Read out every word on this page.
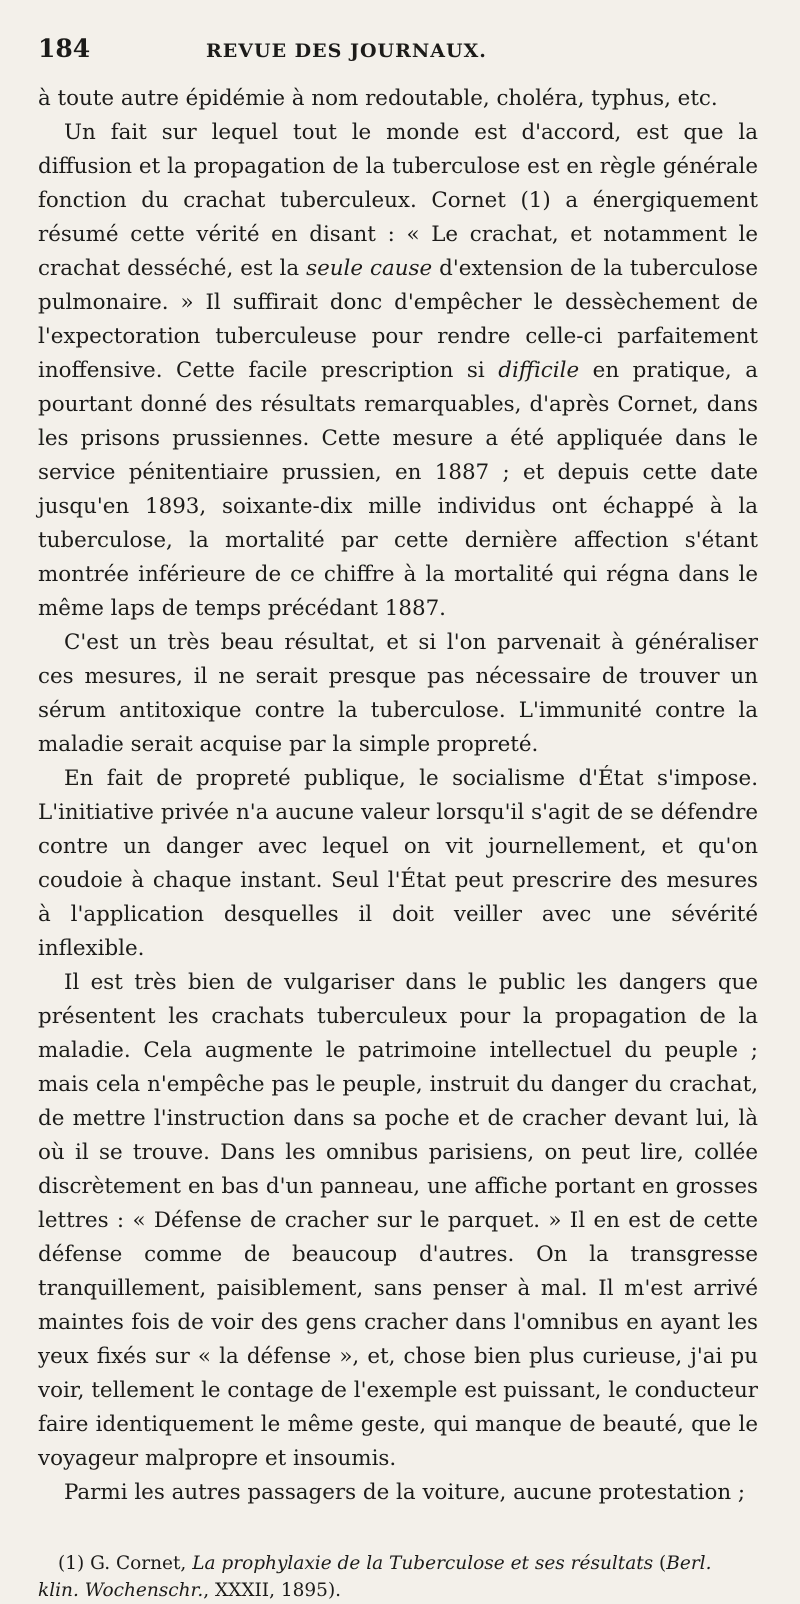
184	REVUE DES JOURNAUX.

à toute autre épidémie à nom redoutable, choléra, typhus, etc.

Un fait sur lequel tout le monde est d'accord, est que la diffusion et la propagation de la tuberculose est en règle générale fonction du crachat tuberculeux. Cornet (1) a énergiquement résumé cette vérité en disant : « Le crachat, et notamment le crachat desséché, est la seule cause d'extension de la tuberculose pulmonaire. » Il suffirait donc d'empêcher le dessèchement de l'expectoration tuberculeuse pour rendre celle-ci parfaitement inoffensive. Cette facile prescription si difficile en pratique, a pourtant donné des résultats remarquables, d'après Cornet, dans les prisons prussiennes. Cette mesure a été appliquée dans le service pénitentiaire prussien, en 1887 ; et depuis cette date jusqu'en 1893, soixante-dix mille individus ont échappé à la tuberculose, la mortalité par cette dernière affection s'étant montrée inférieure de ce chiffre à la mortalité qui régna dans le même laps de temps précédant 1887.

C'est un très beau résultat, et si l'on parvenait à généraliser ces mesures, il ne serait presque pas nécessaire de trouver un sérum antitoxique contre la tuberculose. L'immunité contre la maladie serait acquise par la simple propreté.

En fait de propreté publique, le socialisme d'État s'impose. L'initiative privée n'a aucune valeur lorsqu'il s'agit de se défendre contre un danger avec lequel on vit journellement, et qu'on coudoie à chaque instant. Seul l'État peut prescrire des mesures à l'application desquelles il doit veiller avec une sévérité inflexible.

Il est très bien de vulgariser dans le public les dangers que présentent les crachats tuberculeux pour la propagation de la maladie. Cela augmente le patrimoine intellectuel du peuple ; mais cela n'empêche pas le peuple, instruit du danger du crachat, de mettre l'instruction dans sa poche et de cracher devant lui, là où il se trouve. Dans les omnibus parisiens, on peut lire, collée discrètement en bas d'un panneau, une affiche portant en grosses lettres : « Défense de cracher sur le parquet. » Il en est de cette défense comme de beaucoup d'autres. On la transgresse tranquillement, paisiblement, sans penser à mal. Il m'est arrivé maintes fois de voir des gens cracher dans l'omnibus en ayant les yeux fixés sur « la défense », et, chose bien plus curieuse, j'ai pu voir, tellement le contage de l'exemple est puissant, le conducteur faire identiquement le même geste, qui manque de beauté, que le voyageur malpropre et insoumis.

Parmi les autres passagers de la voiture, aucune protestation ;

(1) G. Cornet, La prophylaxie de la Tuberculose et ses résultats (Berl. klin. Wochenschr., XXXII, 1895).
